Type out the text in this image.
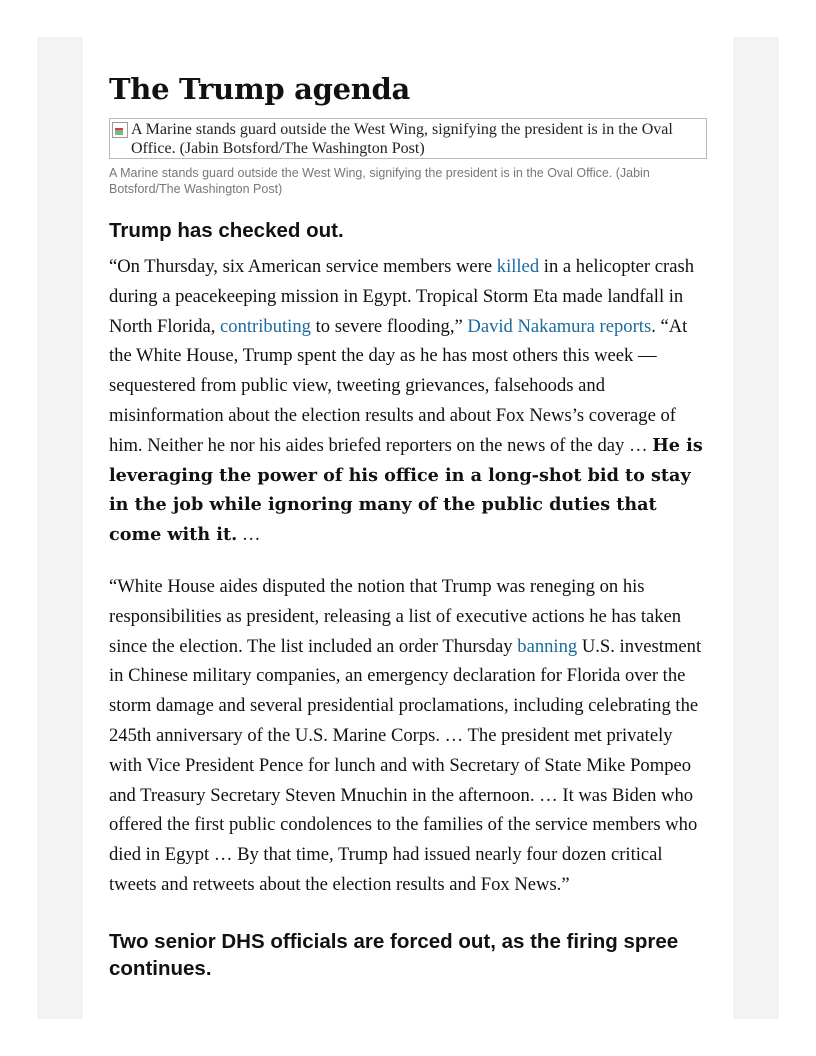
The Trump agenda
A Marine stands guard outside the West Wing, signifying the president is in the Oval Office. (Jabin Botsford/The Washington Post)

A Marine stands guard outside the West Wing, signifying the president is in the Oval Office. (Jabin Botsford/The Washington Post)

Trump has checked out.

“On Thursday, six American service members were killed in a helicopter crash during a peacekeeping mission in Egypt. Tropical Storm Eta made landfall in North Florida, contributing to severe flooding,” David Nakamura reports. “At the White House, Trump spent the day as he has most others this week — sequestered from public view, tweeting grievances, falsehoods and misinformation about the election results and about Fox News’s coverage of him. Neither he nor his aides briefed reporters on the news of the day … He is leveraging the power of his office in a long-shot bid to stay in the job while ignoring many of the public duties that come with it. …

“White House aides disputed the notion that Trump was reneging on his responsibilities as president, releasing a list of executive actions he has taken since the election. The list included an order Thursday banning U.S. investment in Chinese military companies, an emergency declaration for Florida over the storm damage and several presidential proclamations, including celebrating the 245th anniversary of the U.S. Marine Corps. … The president met privately with Vice President Pence for lunch and with Secretary of State Mike Pompeo and Treasury Secretary Steven Mnuchin in the afternoon. … It was Biden who offered the first public condolences to the families of the service members who died in Egypt … By that time, Trump had issued nearly four dozen critical tweets and retweets about the election results and Fox News.”

Two senior DHS officials are forced out, as the firing spree continues.
